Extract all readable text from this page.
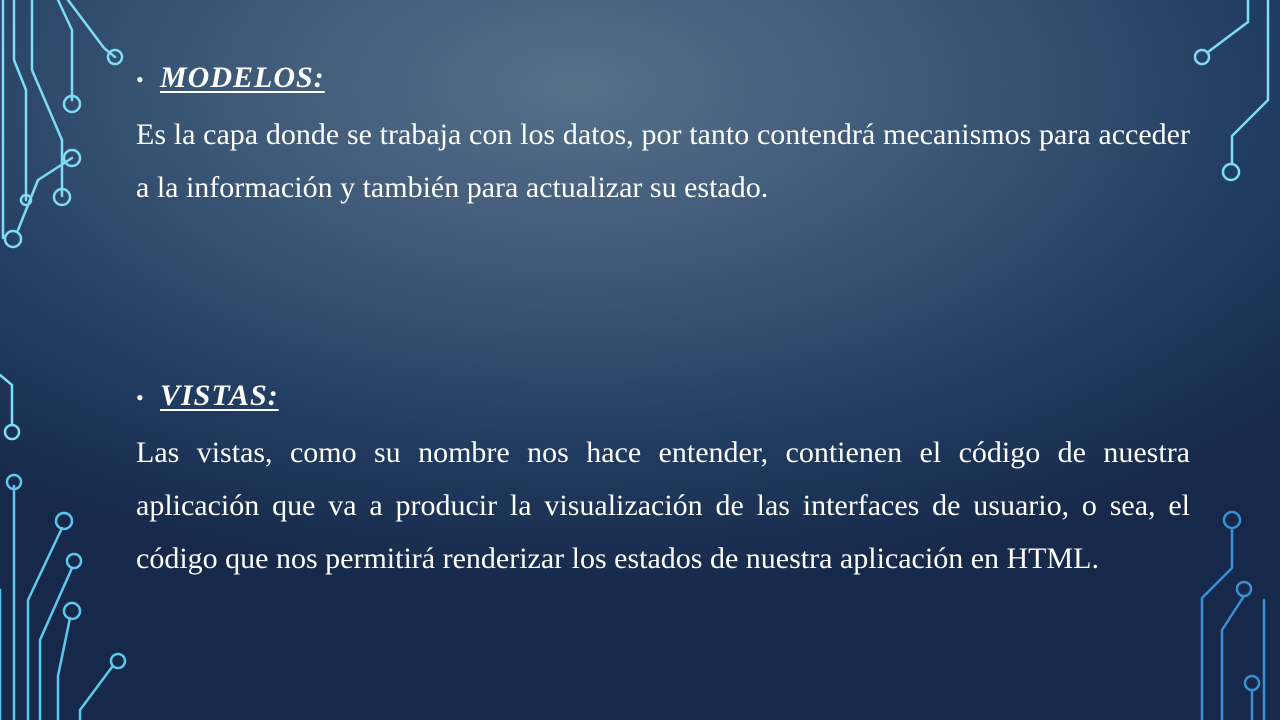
• MODELOS:

Es la capa donde se trabaja con los datos, por tanto contendrá mecanismos para acceder a la información y también para actualizar su estado.

• VISTAS:

Las vistas, como su nombre nos hace entender, contienen el código de nuestra aplicación que va a producir la visualización de las interfaces de usuario, o sea, el código que nos permitirá renderizar los estados de nuestra aplicación en HTML.
